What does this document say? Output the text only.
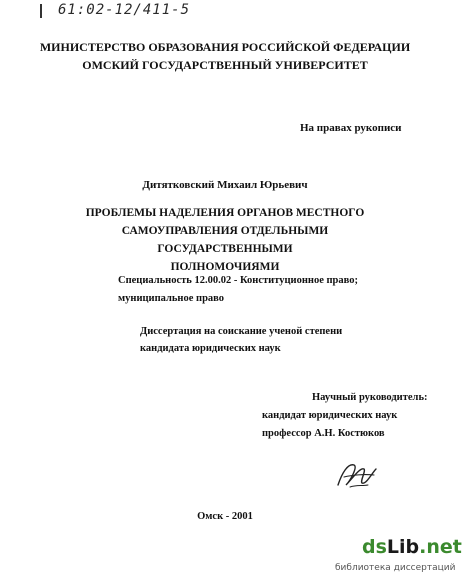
61:02-12/411-5
МИНИСТЕРСТВО ОБРАЗОВАНИЯ РОССИЙСКОЙ ФЕДЕРАЦИИ
ОМСКИЙ ГОСУДАРСТВЕННЫЙ УНИВЕРСИТЕТ
На правах рукописи
Дитятковский Михаил Юрьевич
ПРОБЛЕМЫ НАДЕЛЕНИЯ ОРГАНОВ МЕСТНОГО
САМОУПРАВЛЕНИЯ ОТДЕЛЬНЫМИ ГОСУДАРСТВЕННЫМИ
ПОЛНОМОЧИЯМИ
Специальность 12.00.02 - Конституционное право;
муниципальное право
Диссертация на соискание ученой степени
кандидата юридических наук
Научный руководитель:
кандидат юридических наук
профессор А.Н. Костюков
Омск - 2001
dsLib.net
библиотека диссертаций
